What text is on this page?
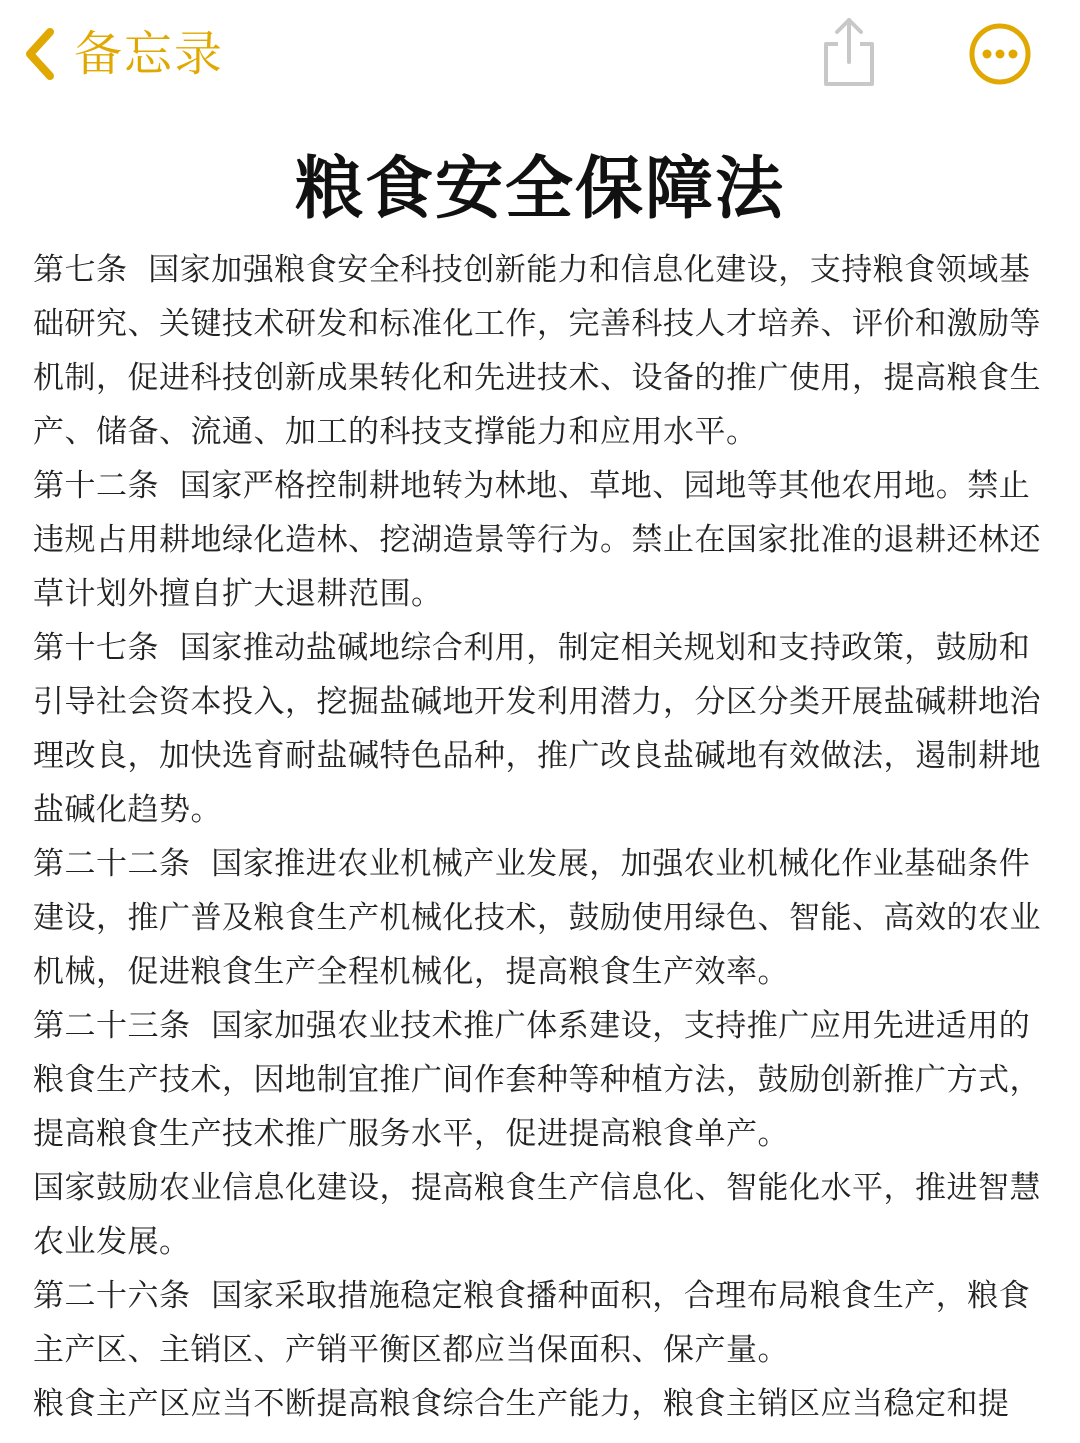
备忘录
粮食安全保障法

第七条  国家加强粮食安全科技创新能力和信息化建设，支持粮食领域基础研究、关键技术研发和标准化工作，完善科技人才培养、评价和激励等机制，促进科技创新成果转化和先进技术、设备的推广使用，提高粮食生产、储备、流通、加工的科技支撑能力和应用水平。

第十二条  国家严格控制耕地转为林地、草地、园地等其他农用地。禁止违规占用耕地绿化造林、挖湖造景等行为。禁止在国家批准的退耕还林还草计划外擅自扩大退耕范围。

第十七条  国家推动盐碱地综合利用，制定相关规划和支持政策，鼓励和引导社会资本投入，挖掘盐碱地开发利用潜力，分区分类开展盐碱耕地治理改良，加快选育耐盐碱特色品种，推广改良盐碱地有效做法，遏制耕地盐碱化趋势。

第二十二条  国家推进农业机械产业发展，加强农业机械化作业基础条件建设，推广普及粮食生产机械化技术，鼓励使用绿色、智能、高效的农业机械，促进粮食生产全程机械化，提高粮食生产效率。

第二十三条  国家加强农业技术推广体系建设，支持推广应用先进适用的粮食生产技术，因地制宜推广间作套种等种植方法，鼓励创新推广方式，提高粮食生产技术推广服务水平，促进提高粮食单产。

国家鼓励农业信息化建设，提高粮食生产信息化、智能化水平，推进智慧农业发展。

第二十六条  国家采取措施稳定粮食播种面积，合理布局粮食生产，粮食主产区、主销区、产销平衡区都应当保面积、保产量。

粮食主产区应当不断提高粮食综合生产能力，粮食主销区应当稳定和提
